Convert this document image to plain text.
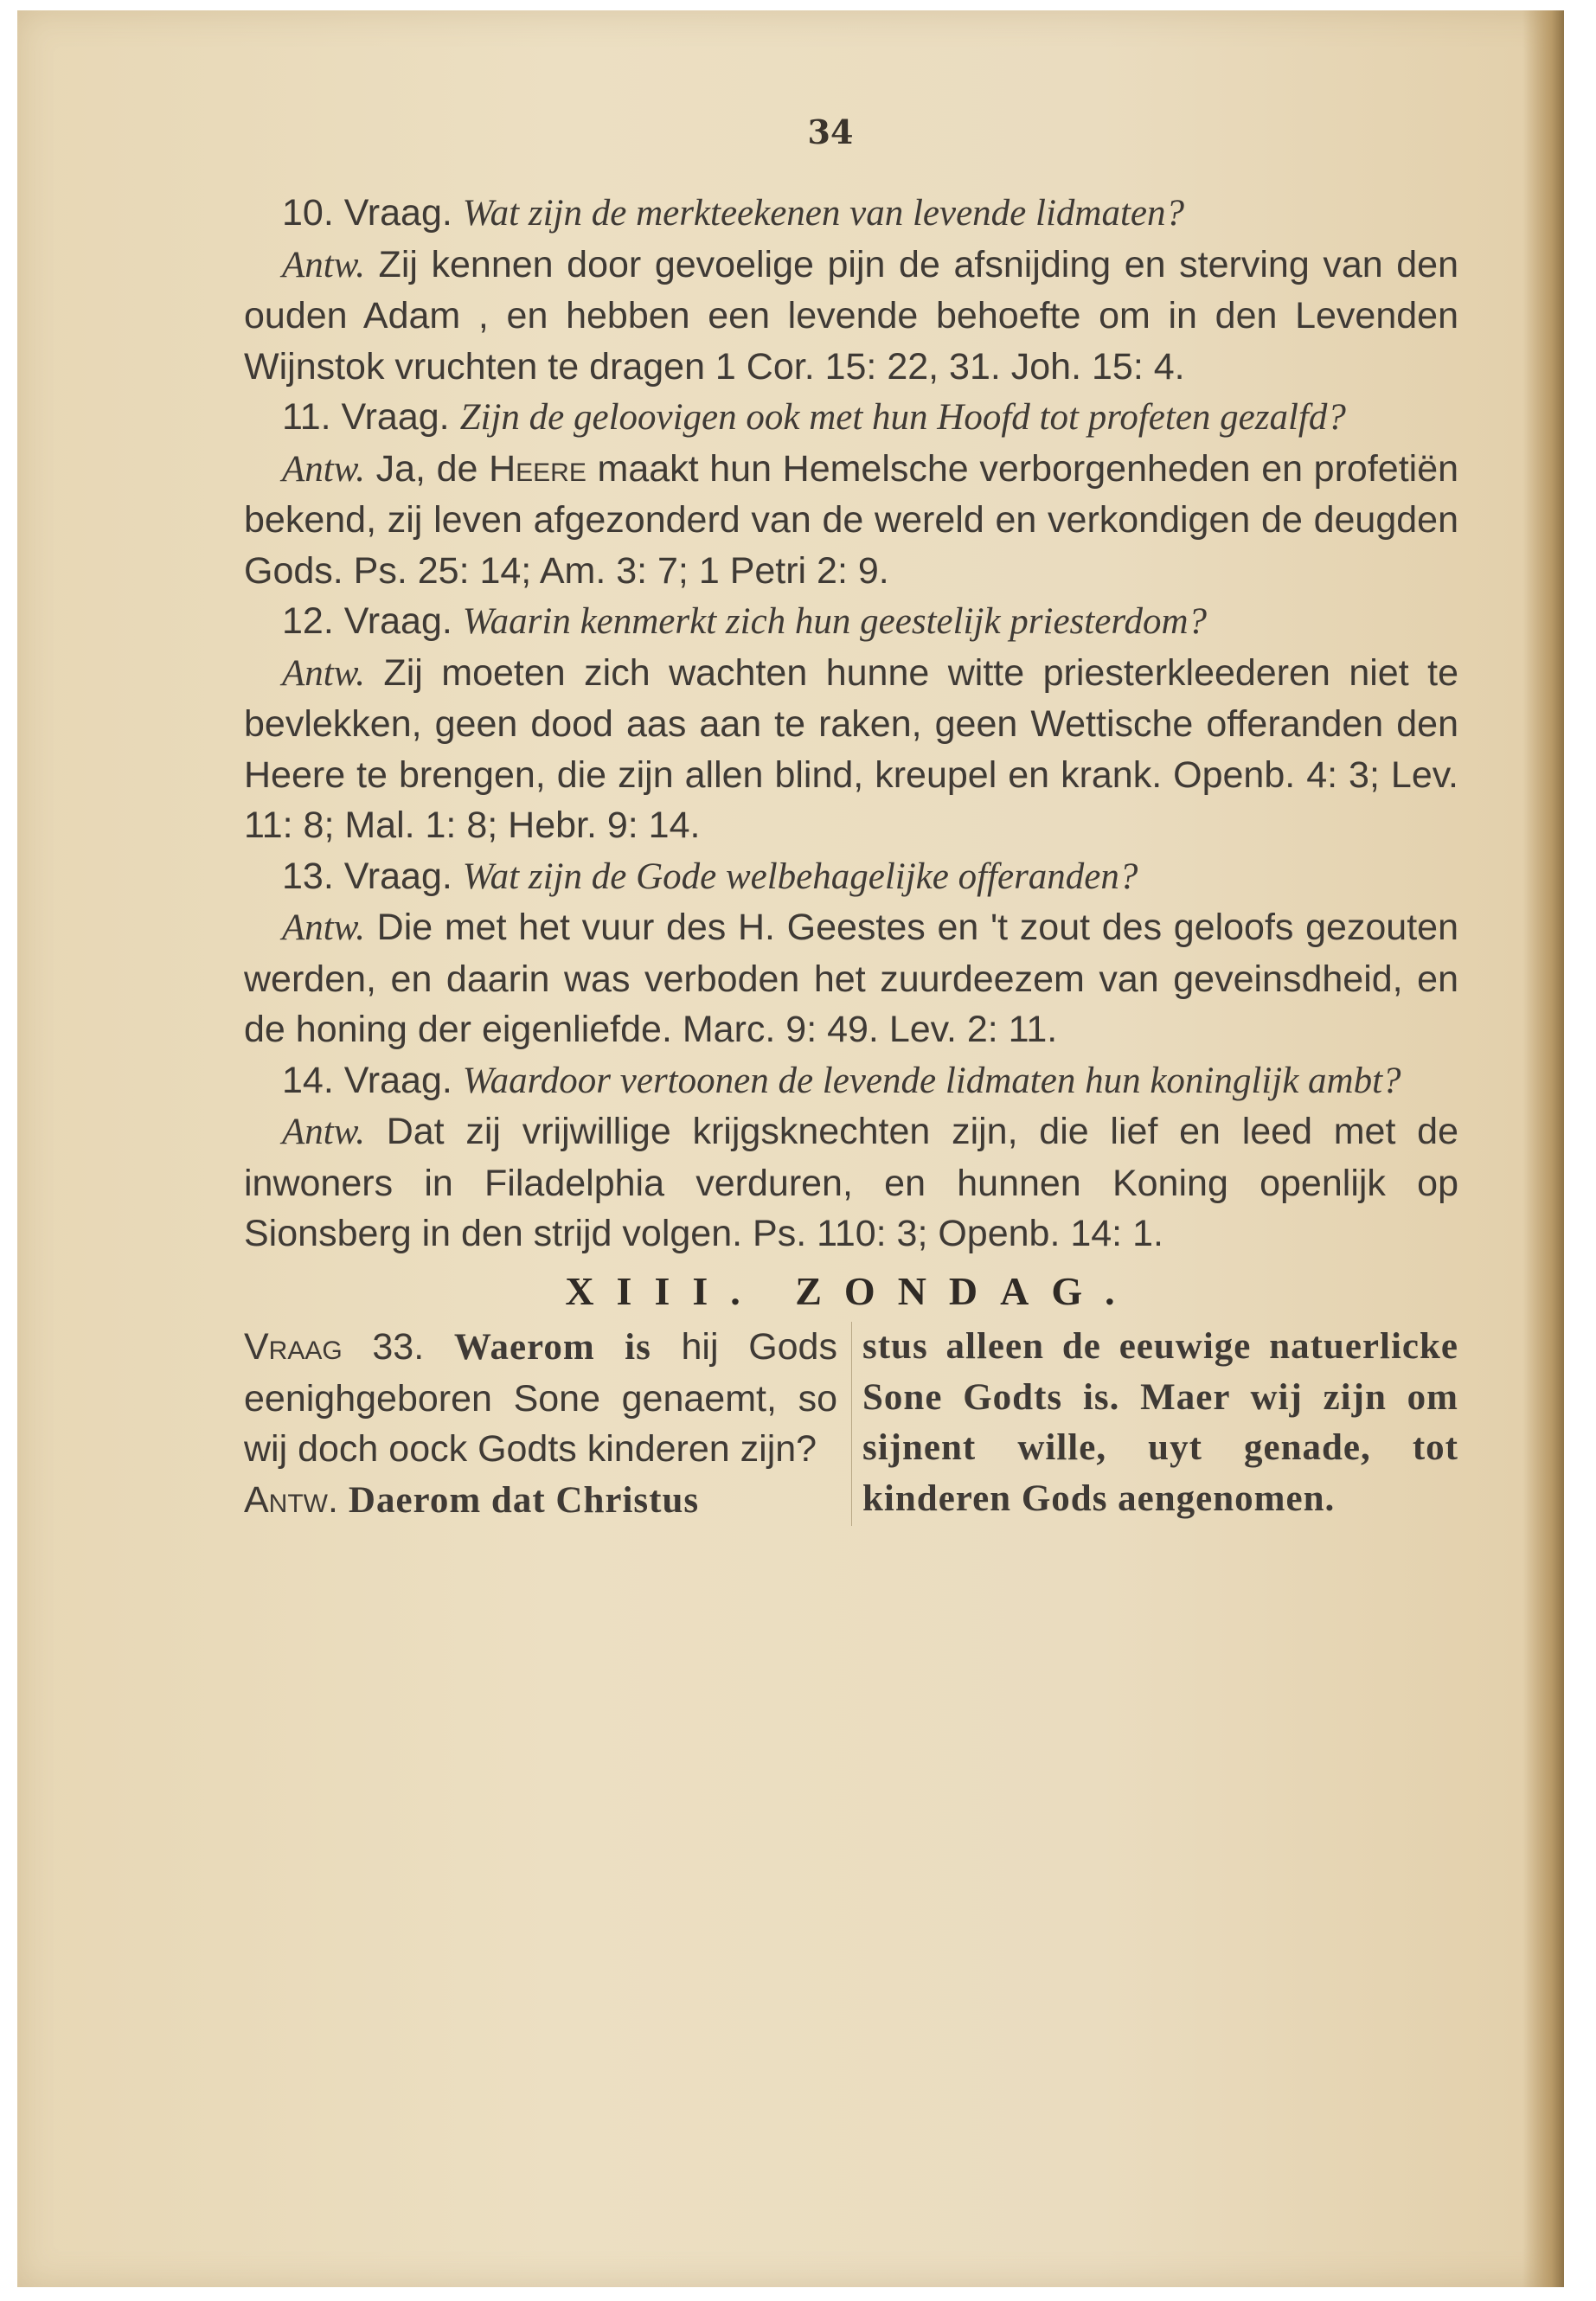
34

10. Vraag. Wat zijn de merkteekenen van levende lidmaten?

Antw. Zij kennen door gevoelige pijn de afsnijding en sterving van den ouden Adam , en hebben een levende behoefte om in den Levenden Wijnstok vruchten te dragen 1 Cor. 15: 22, 31. Joh. 15: 4.

11. Vraag. Zijn de geloovigen ook met hun Hoofd tot profeten gezalfd?

Antw. Ja, de Heere maakt hun Hemelsche verborgenheden en profetiën bekend, zij leven afgezonderd van de wereld en verkondigen de deugden Gods. Ps. 25: 14; Am. 3: 7; 1 Petri 2: 9.

12. Vraag. Waarin kenmerkt zich hun geestelijk priesterdom?

Antw. Zij moeten zich wachten hunne witte priesterkleederen niet te bevlekken, geen dood aas aan te raken, geen Wettische offeranden den Heere te brengen, die zijn allen blind, kreupel en krank. Openb. 4: 3; Lev. 11: 8; Mal. 1: 8; Hebr. 9: 14.

13. Vraag. Wat zijn de Gode welbehagelijke offeranden?

Antw. Die met het vuur des H. Geestes en 't zout des geloofs gezouten werden, en daarin was verboden het zuurdeezem van geveinsdheid, en de honing der eigenliefde. Marc. 9: 49. Lev. 2: 11.

14. Vraag. Waardoor vertoonen de levende lidmaten hun koninglijk ambt?

Antw. Dat zij vrijwillige krijgsknechten zijn, die lief en leed met de inwoners in Filadelphia verduren, en hunnen Koning openlijk op Sionsberg in den strijd volgen. Ps. 110: 3; Openb. 14: 1.

XIII. ZONDAG.

Vraag 33. Waerom is hij Gods eenighgeboren Sone genaemt, so wij doch oock Godts kinderen zijn?

Antw. Daerom dat Christus

stus alleen de eeuwige natuerlicke Sone Godts is. Maer wij zijn om sijnent wille, uyt genade, tot kinderen Gods aengenomen.
